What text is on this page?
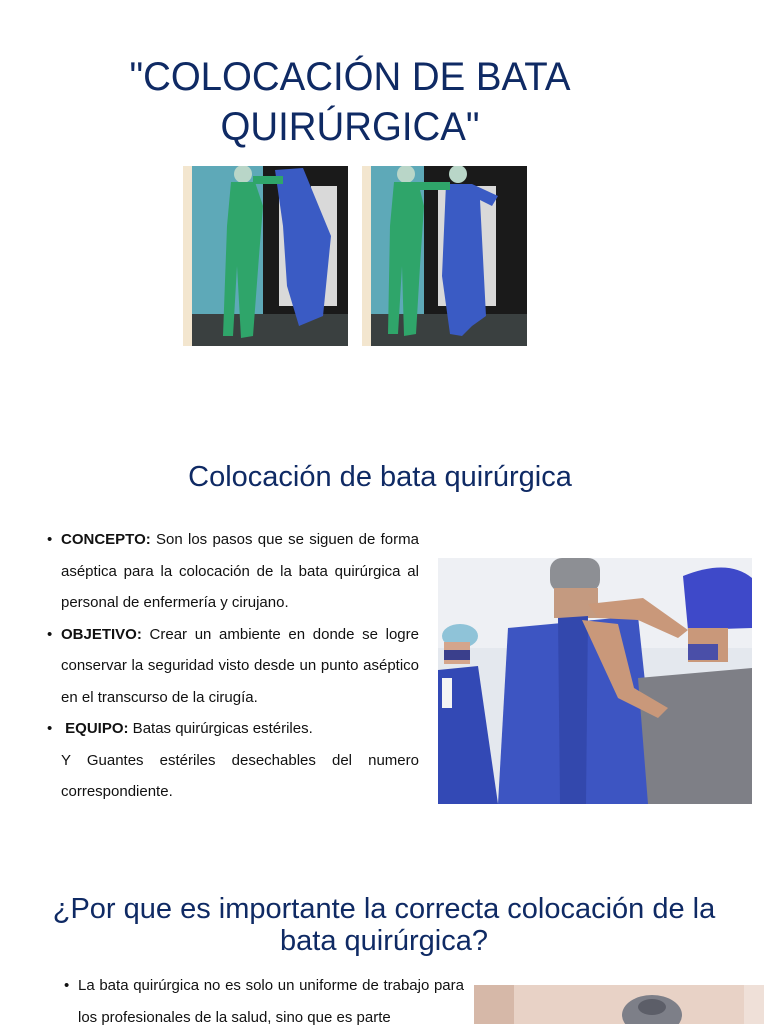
"COLOCACIÓN DE BATA QUIRÚRGICA"
Colocación de bata quirúrgica
• CONCEPTO: Son los pasos que se siguen de forma aséptica para la colocación de la bata quirúrgica al personal de enfermería y cirujano.
• OBJETIVO: Crear un ambiente en donde se logre conservar la seguridad visto desde un punto aséptico en el transcurso de la cirugía.
• EQUIPO: Batas quirúrgicas estériles.
Y Guantes estériles desechables del numero correspondiente.
¿Por que es importante la correcta colocación de la bata quirúrgica?
• La bata quirúrgica no es solo un uniforme de trabajo para los profesionales de la salud, sino que es parte
